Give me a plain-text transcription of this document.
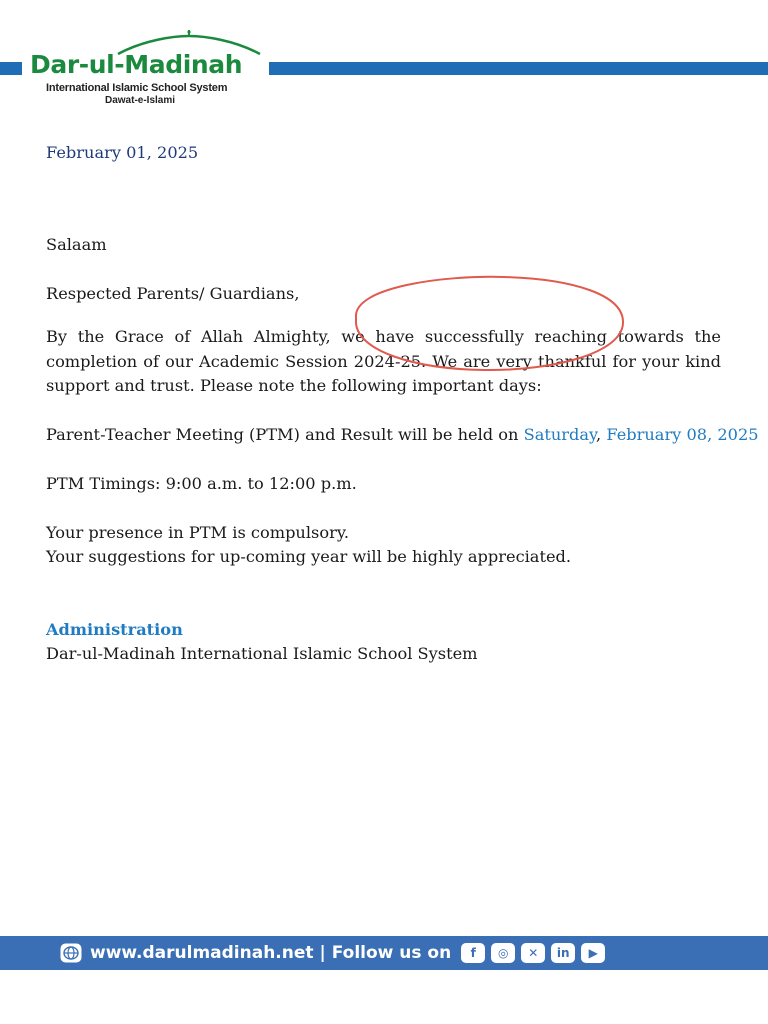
Dar-ul-Madinah
International Islamic School System
Dawat-e-Islami
February 01, 2025
Salaam
Respected Parents/ Guardians,
By the Grace of Allah Almighty, we have successfully reaching towards the
completion of our Academic Session 2024-25. We are very thankful for your kind
support and trust. Please note the following important days:
Parent-Teacher Meeting (PTM) and Result will be held on Saturday, February 08, 2025
PTM Timings: 9:00 a.m. to 12:00 p.m.
Your presence in PTM is compulsory.
Your suggestions for up-coming year will be highly appreciated.
Administration
Dar-ul-Madinah International Islamic School System
www.darulmadinah.net | Follow us on	f	◎	✕	in	▶
